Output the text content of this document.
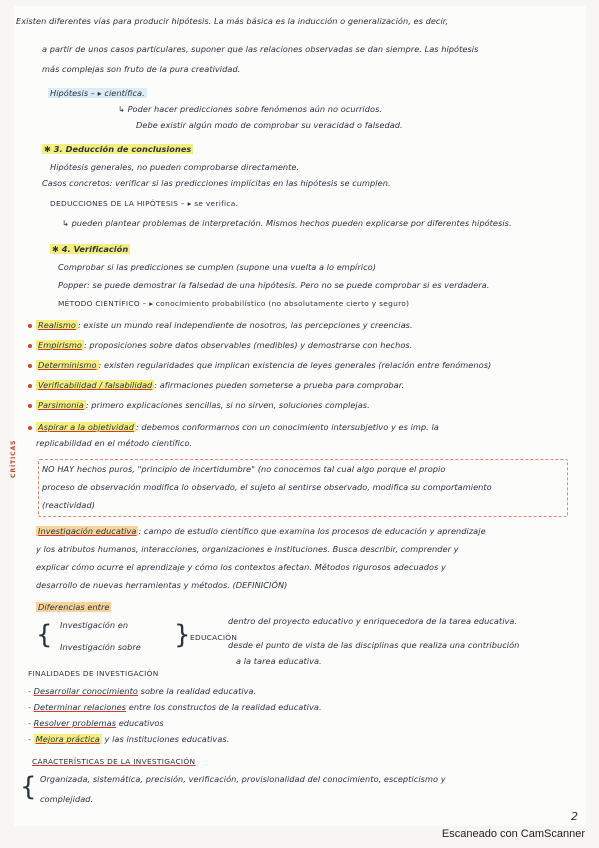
Existen diferentes vías para producir hipótesis. La más básica es la inducción o generalización, es decir,
a partir de unos casos particulares, suponer que las relaciones observadas se dan siempre. Las hipótesis
más complejas son fruto de la pura creatividad.
Hipótesis – ▸ científica.
↳ Poder hacer predicciones sobre fenómenos aún no ocurridos.
Debe existir algún modo de comprobar su veracidad o falsedad.
✱ 3. Deducción de conclusiones
Hipótesis generales, no pueden comprobarse directamente.
Casos concretos: verificar si las predicciones implícitas en las hipótesis se cumplen.
DEDUCCIONES DE LA HIPÓTESIS – ▸ se verifica.
↳ pueden plantear problemas de interpretación. Mismos hechos pueden explicarse por diferentes hipótesis.
✱ 4. Verificación
Comprobar si las predicciones se cumplen (supone una vuelta a lo empírico)
Popper: se puede demostrar la falsedad de una hipótesis. Pero no se puede comprobar si es verdadera.
MÉTODO CIENTÍFICO – ▸ conocimiento probabilístico (no absolutamente cierto y seguro)
Realismo : existe un mundo real independiente de nosotros, las percepciones y creencias.
Empirismo : proposiciones sobre datos observables (medibles) y demostrarse con hechos.
Determinismo : existen regularidades que implican existencia de leyes generales (relación entre fenómenos)
Verificabilidad / falsabilidad : afirmaciones pueden someterse a prueba para comprobar.
Parsimonia : primero explicaciones sencillas, si no sirven, soluciones complejas.
Aspirar a la objetividad : debemos conformarnos con un conocimiento intersubjetivo y es imp. la
replicabilidad en el método científico.
CRÍTICAS	NO HAY hechos puros, "principio de incertidumbre" (no conocemos tal cual algo porque el propio
proceso de observación modifica lo observado, el sujeto al sentirse observado, modifica su comportamiento
(reactividad)
Investigación educativa : campo de estudio científico que examina los procesos de educación y aprendizaje
y los atributos humanos, interacciones, organizaciones e instituciones. Busca describir, comprender y
explicar cómo ocurre el aprendizaje y cómo los contextos afectan. Métodos rigurosos adecuados y
desarrollo de nuevas herramientas y métodos. (DEFINICIÓN)
Diferencias entre
{ Investigación en
Investigación sobre } EDUCACIÓN
dentro del proyecto educativo y enriquecedora de la tarea educativa.
desde el punto de vista de las disciplinas que realiza una contribución
a la tarea educativa.
FINALIDADES DE INVESTIGACIÓN
- Desarrollar conocimiento sobre la realidad educativa.
- Determinar relaciones entre los constructos de la realidad educativa.
- Resolver problemas educativos
- Mejora práctica y las instituciones educativas.
CARACTERÍSTICAS DE LA INVESTIGACIÓN
{ Organizada, sistemática, precisión, verificación, provisionalidad del conocimiento, escepticismo y
complejidad.
2
Escaneado con CamScanner
